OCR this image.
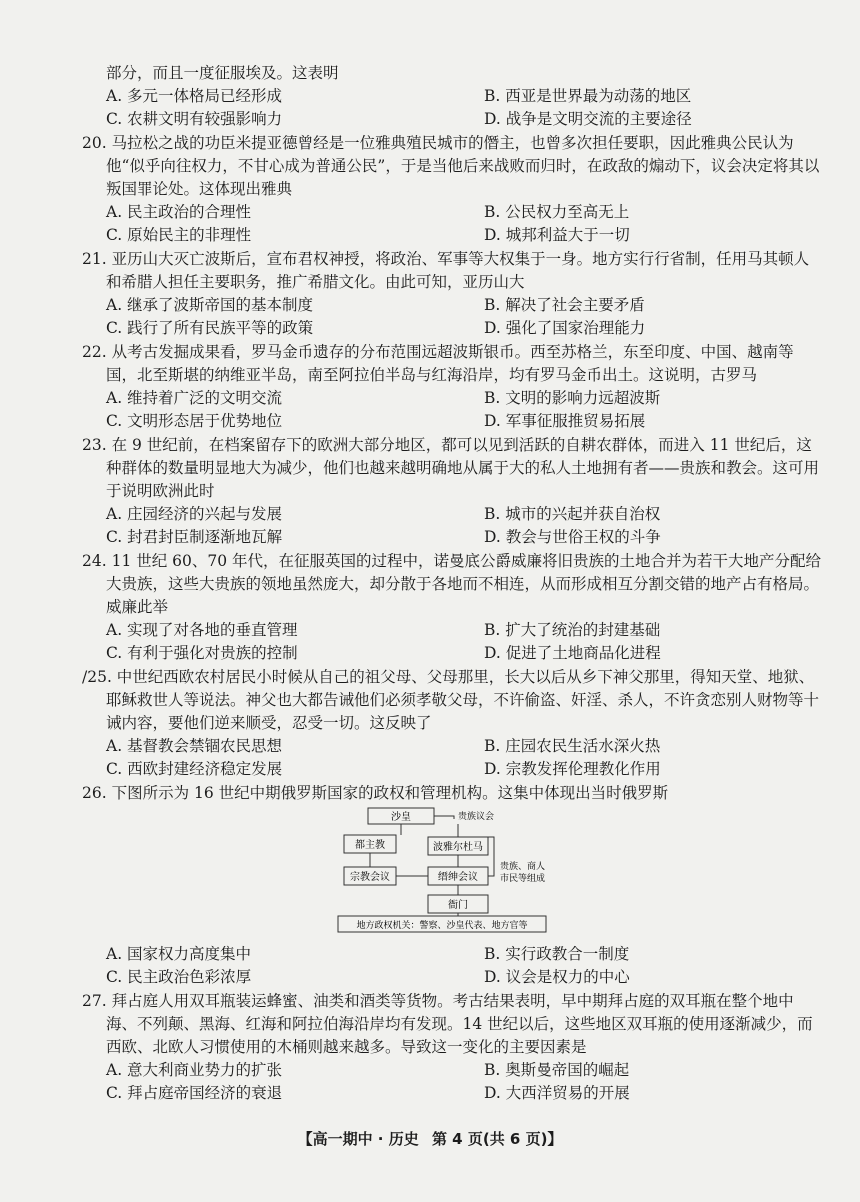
部分，而且一度征服埃及。这表明

A. 多元一体格局已经形成	B. 西亚是世界最为动荡的地区
C. 农耕文明有较强影响力	D. 战争是文明交流的主要途径

20. 马拉松之战的功臣米提亚德曾经是一位雅典殖民城市的僭主，也曾多次担任要职，因此雅典公民认为他“似乎向往权力，不甘心成为普通公民”，于是当他后来战败而归时，在政敌的煽动下，议会决定将其以叛国罪论处。这体现出雅典

A. 民主政治的合理性	B. 公民权力至高无上
C. 原始民主的非理性	D. 城邦利益大于一切

21. 亚历山大灭亡波斯后，宣布君权神授，将政治、军事等大权集于一身。地方实行行省制，任用马其顿人和希腊人担任主要职务，推广希腊文化。由此可知，亚历山大

A. 继承了波斯帝国的基本制度	B. 解决了社会主要矛盾
C. 践行了所有民族平等的政策	D. 强化了国家治理能力

22. 从考古发掘成果看，罗马金币遗存的分布范围远超波斯银币。西至苏格兰，东至印度、中国、越南等国，北至斯堪的纳维亚半岛，南至阿拉伯半岛与红海沿岸，均有罗马金币出土。这说明，古罗马

A. 维持着广泛的文明交流	B. 文明的影响力远超波斯
C. 文明形态居于优势地位	D. 军事征服推贸易拓展

23. 在 9 世纪前，在档案留存下的欧洲大部分地区，都可以见到活跃的自耕农群体，而进入 11 世纪后，这种群体的数量明显地大为减少，他们也越来越明确地从属于大的私人土地拥有者——贵族和教会。这可用于说明欧洲此时

A. 庄园经济的兴起与发展	B. 城市的兴起并获自治权
C. 封君封臣制逐渐地瓦解	D. 教会与世俗王权的斗争

24. 11 世纪 60、70 年代，在征服英国的过程中，诺曼底公爵威廉将旧贵族的土地合并为若干大地产分配给大贵族，这些大贵族的领地虽然庞大，却分散于各地而不相连，从而形成相互分割交错的地产占有格局。威廉此举

A. 实现了对各地的垂直管理	B. 扩大了统治的封建基础
C. 有利于强化对贵族的控制	D. 促进了土地商品化进程

/25. 中世纪西欧农村居民小时候从自己的祖父母、父母那里，长大以后从乡下神父那里，得知天堂、地狱、耶稣救世人等说法。神父也大都告诫他们必须孝敬父母，不许偷盗、奸淫、杀人，不许贪恋别人财物等十诫内容，要他们逆来顺受，忍受一切。这反映了

A. 基督教会禁锢农民思想	B. 庄园农民生活水深火热
C. 西欧封建经济稳定发展	D. 宗教发挥伦理教化作用

26. 下图所示为 16 世纪中期俄罗斯国家的政权和管理机构。这集中体现出当时俄罗斯

沙皇	贵族议会
都主教	波雅尔杜马
宗教会议	缙绅会议
贵族、商人
市民等组成
衙门
地方政权机关：警察、沙皇代表、地方官等
A. 国家权力高度集中	B. 实行政教合一制度
C. 民主政治色彩浓厚	D. 议会是权力的中心

27. 拜占庭人用双耳瓶装运蜂蜜、油类和酒类等货物。考古结果表明，早中期拜占庭的双耳瓶在整个地中海、不列颠、黑海、红海和阿拉伯海沿岸均有发现。14 世纪以后，这些地区双耳瓶的使用逐渐减少，而西欧、北欧人习惯使用的木桶则越来越多。导致这一变化的主要因素是

A. 意大利商业势力的扩张	B. 奥斯曼帝国的崛起
C. 拜占庭帝国经济的衰退	D. 大西洋贸易的开展
【高一期中 · 历史 第 4 页(共 6 页)】
